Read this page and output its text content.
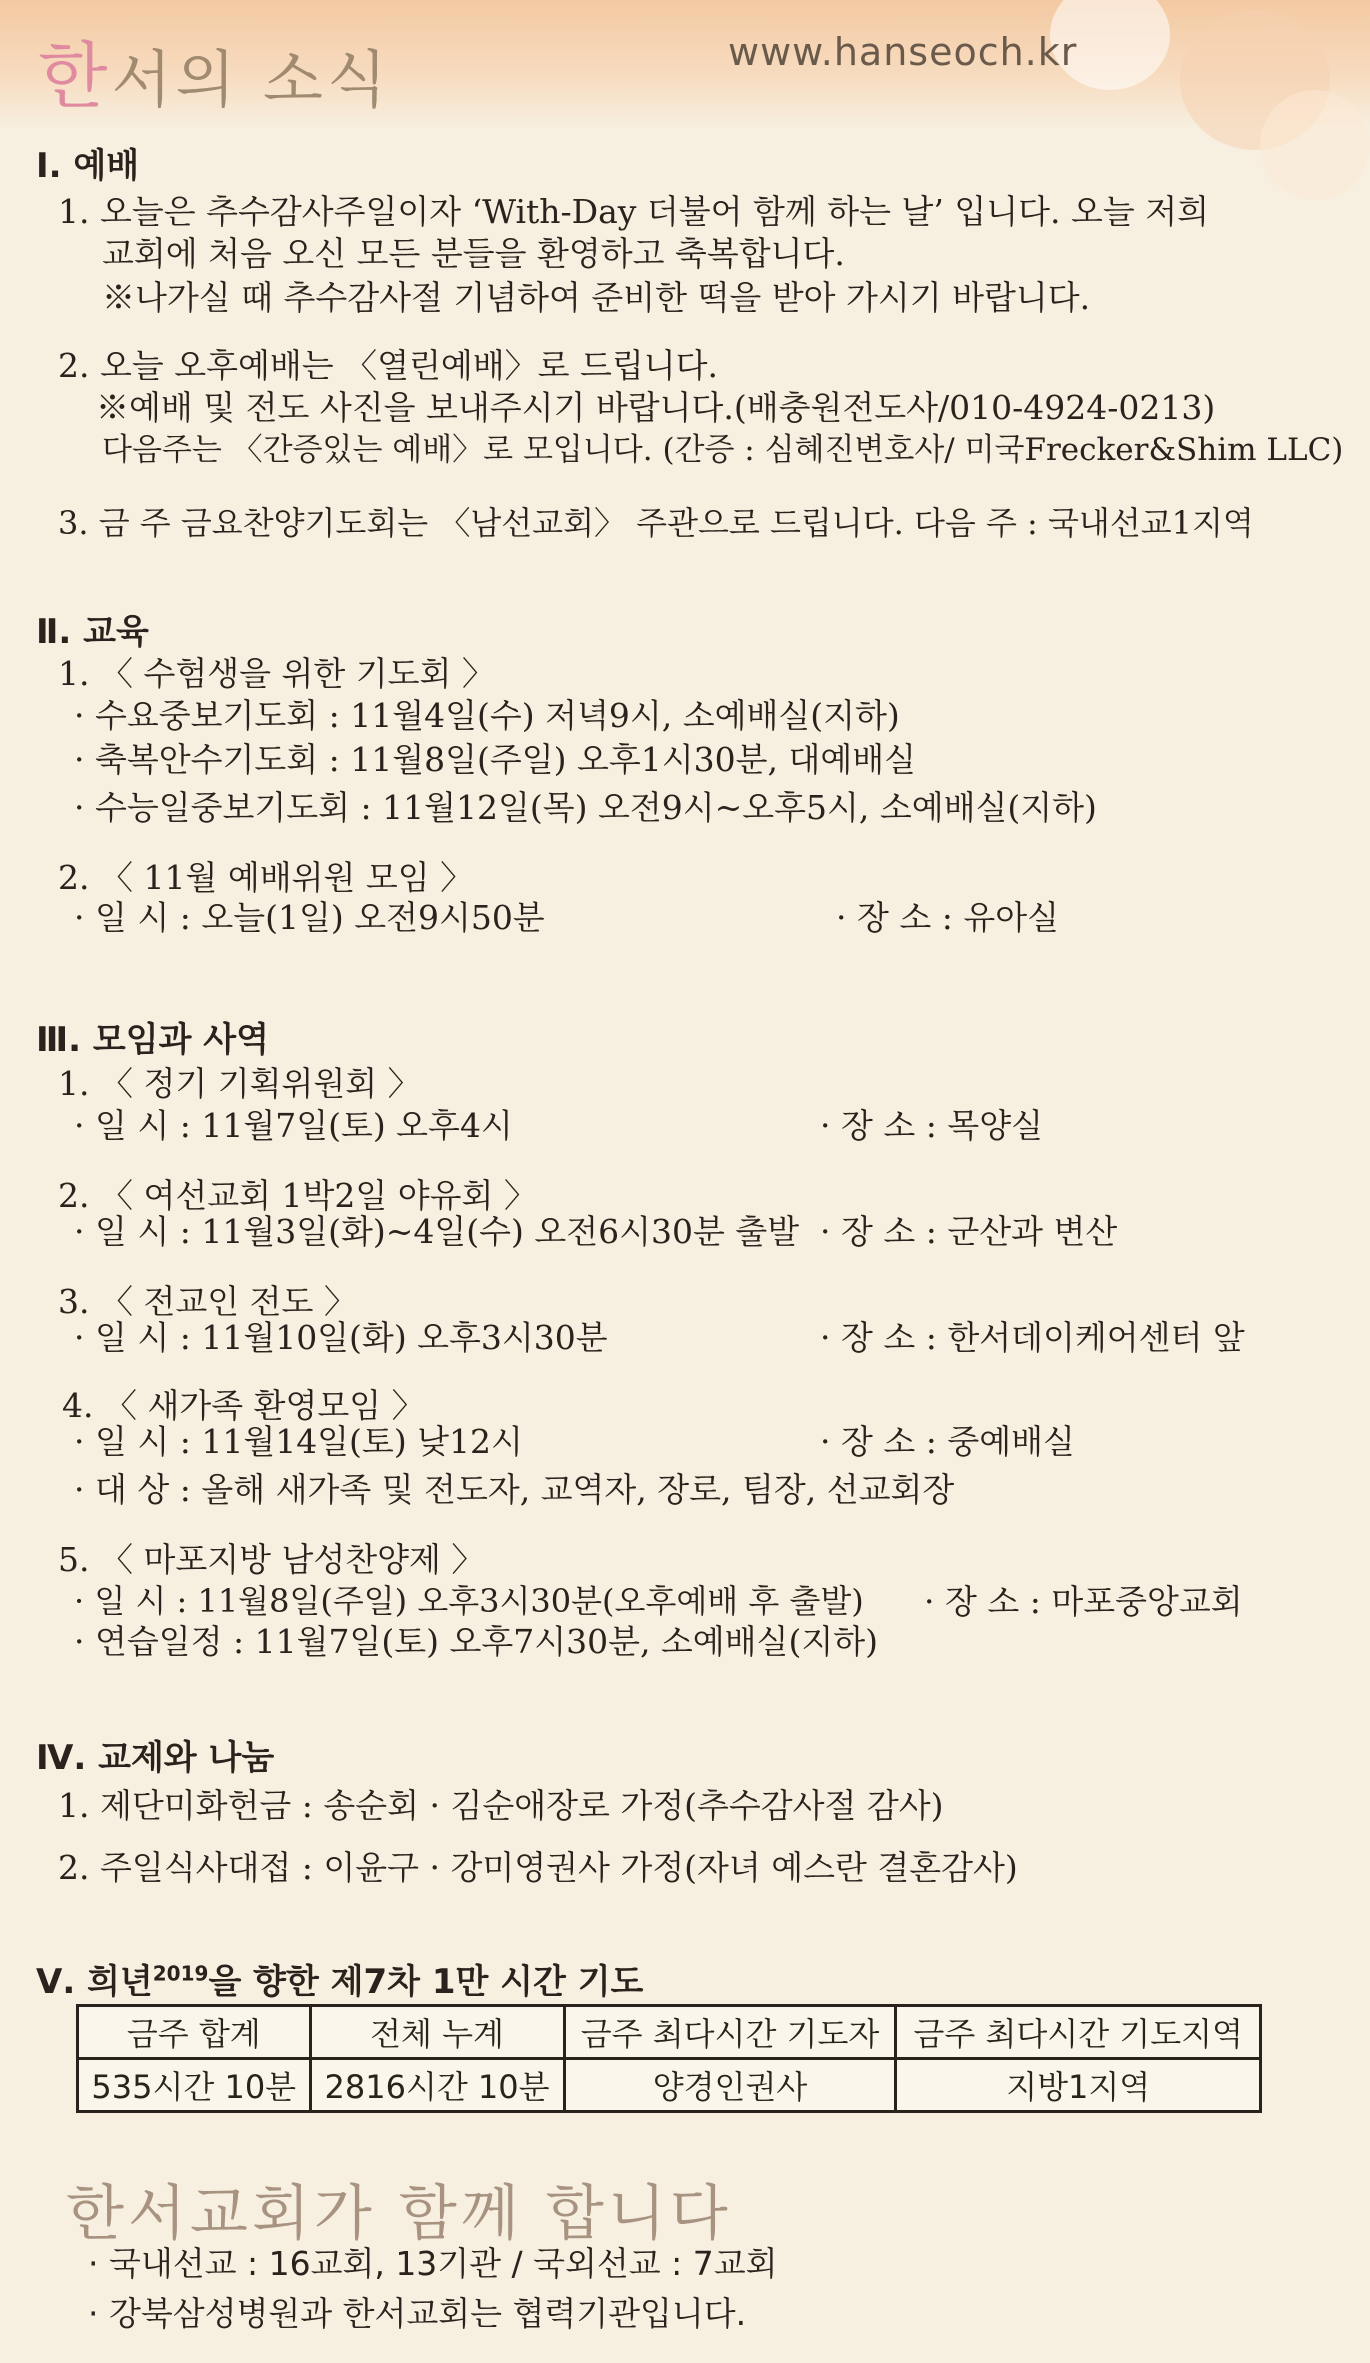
한서의 소식	www.hanseoch.kr
Ⅰ. 예배
1. 오늘은 추수감사주일이자 ‘With-Day 더불어 함께 하는 날’ 입니다. 오늘 저희
교회에 처음 오신 모든 분들을 환영하고 축복합니다.
※나가실 때 추수감사절 기념하여 준비한 떡을 받아 가시기 바랍니다.
2. 오늘 오후예배는 〈열린예배〉로 드립니다.
※예배 및 전도 사진을 보내주시기 바랍니다.(배충원전도사/010-4924-0213)
다음주는 〈간증있는 예배〉로 모입니다. (간증 : 심혜진변호사/ 미국Frecker&Shim LLC)
3. 금 주 금요찬양기도회는 〈남선교회〉 주관으로 드립니다. 다음 주 : 국내선교1지역
Ⅱ. 교육
1. 〈 수험생을 위한 기도회 〉
· 수요중보기도회 : 11월4일(수) 저녁9시, 소예배실(지하)
· 축복안수기도회 : 11월8일(주일) 오후1시30분, 대예배실
· 수능일중보기도회 : 11월12일(목) 오전9시~오후5시, 소예배실(지하)
2. 〈 11월 예배위원 모임 〉
· 일 시 : 오늘(1일) 오전9시50분	· 장 소 : 유아실
Ⅲ. 모임과 사역
1. 〈 정기 기획위원회 〉
· 일 시 : 11월7일(토) 오후4시	· 장 소 : 목양실
2. 〈 여선교회 1박2일 야유회 〉
· 일 시 : 11월3일(화)~4일(수) 오전6시30분 출발 · 장 소 : 군산과 변산
3. 〈 전교인 전도 〉
· 일 시 : 11월10일(화) 오후3시30분	· 장 소 : 한서데이케어센터 앞
4. 〈 새가족 환영모임 〉
· 일 시 : 11월14일(토) 낮12시	· 장 소 : 중예배실
· 대 상 : 올해 새가족 및 전도자, 교역자, 장로, 팀장, 선교회장
5. 〈 마포지방 남성찬양제 〉
· 일 시 : 11월8일(주일) 오후3시30분(오후예배 후 출발) · 장 소 : 마포중앙교회
· 연습일정 : 11월7일(토) 오후7시30분, 소예배실(지하)
Ⅳ. 교제와 나눔
1. 제단미화헌금 : 송순회 · 김순애장로 가정(추수감사절 감사)
2. 주일식사대접 : 이윤구 · 강미영권사 가정(자녀 예스란 결혼감사)
Ⅴ. 희년$^{2019}$을 향한 제7차 1만 시간 기도
금주 합계	전체 누계	금주 최다시간 기도자	금주 최다시간 기도지역
535시간 10분	2816시간 10분	양경인권사	지방1지역
한서교회가 함께 합니다
· 국내선교 : 16교회, 13기관 / 국외선교 : 7교회
· 강북삼성병원과 한서교회는 협력기관입니다.
